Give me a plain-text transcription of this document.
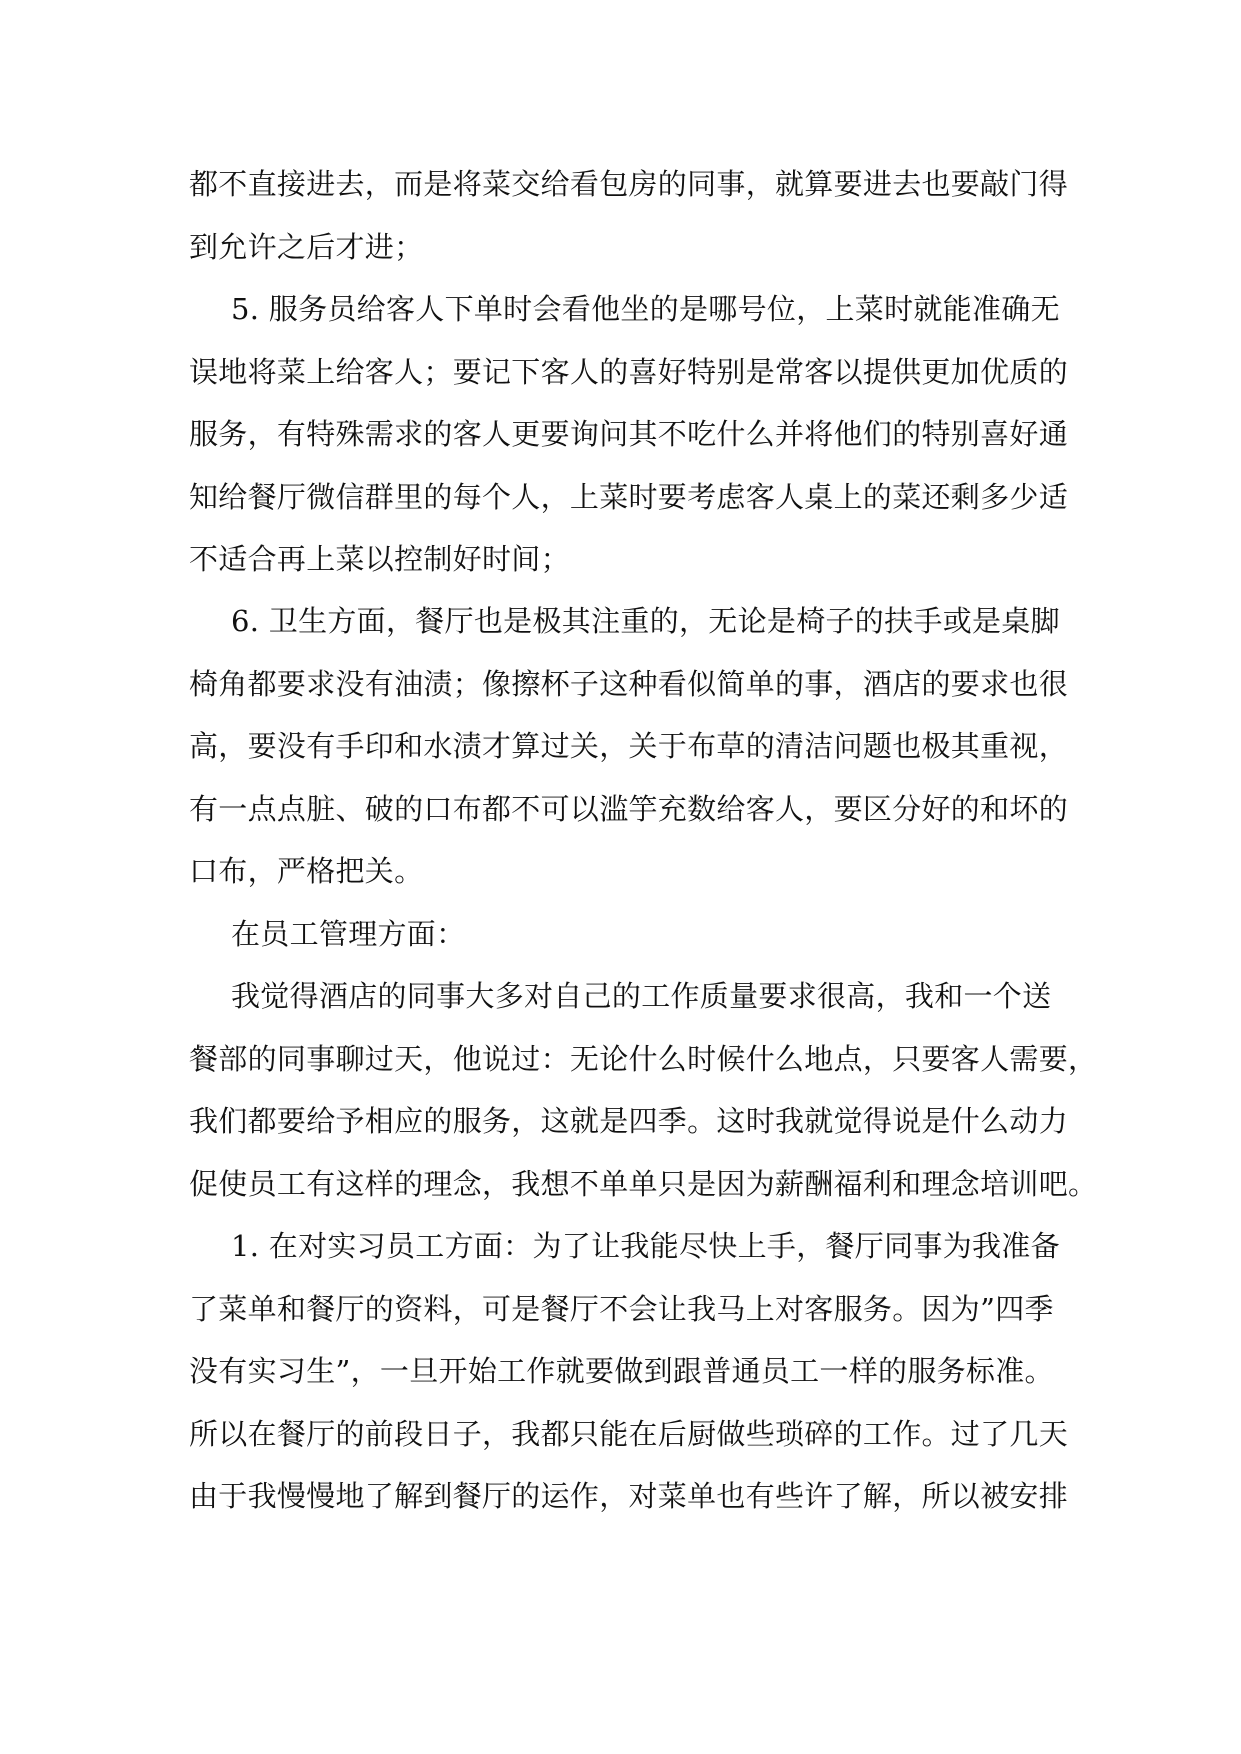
都不直接进去，而是将菜交给看包房的同事，就算要进去也要敲门得
到允许之后才进；
5. 服务员给客人下单时会看他坐的是哪号位，上菜时就能准确无
误地将菜上给客人；要记下客人的喜好特别是常客以提供更加优质的
服务，有特殊需求的客人更要询问其不吃什么并将他们的特别喜好通
知给餐厅微信群里的每个人，上菜时要考虑客人桌上的菜还剩多少适
不适合再上菜以控制好时间；
6. 卫生方面，餐厅也是极其注重的，无论是椅子的扶手或是桌脚
椅角都要求没有油渍；像擦杯子这种看似简单的事，酒店的要求也很
高，要没有手印和水渍才算过关，关于布草的清洁问题也极其重视，
有一点点脏、破的口布都不可以滥竽充数给客人，要区分好的和坏的
口布，严格把关。
在员工管理方面：
我觉得酒店的同事大多对自己的工作质量要求很高，我和一个送
餐部的同事聊过天，他说过：无论什么时候什么地点，只要客人需要，
我们都要给予相应的服务，这就是四季。这时我就觉得说是什么动力
促使员工有这样的理念，我想不单单只是因为薪酬福利和理念培训吧。
1. 在对实习员工方面：为了让我能尽快上手，餐厅同事为我准备
了菜单和餐厅的资料，可是餐厅不会让我马上对客服务。因为”四季
没有实习生”，一旦开始工作就要做到跟普通员工一样的服务标准。
所以在餐厅的前段日子，我都只能在后厨做些琐碎的工作。过了几天
由于我慢慢地了解到餐厅的运作，对菜单也有些许了解，所以被安排
